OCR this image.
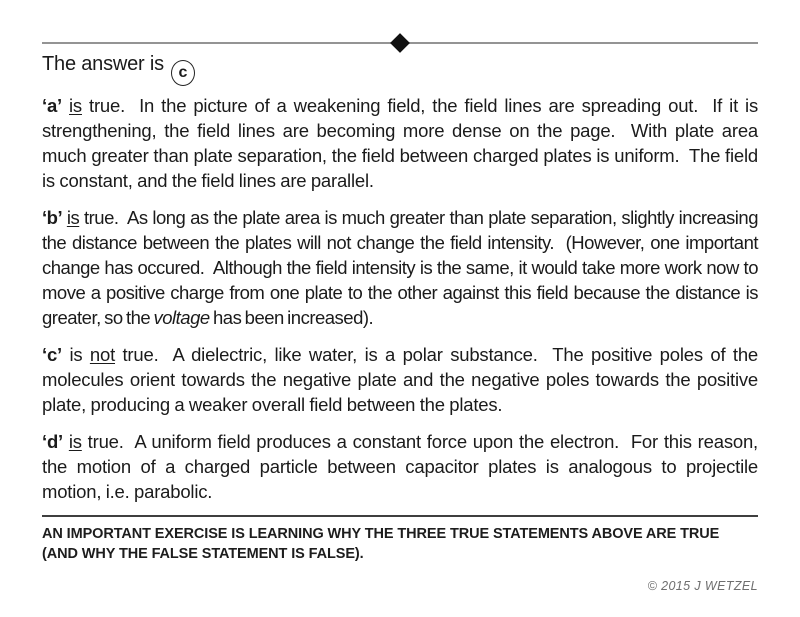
The answer is c

‘a’ is true.  In the picture of a weakening field, the field lines are spreading out.  If it is strengthening, the field lines are becoming more dense on the page.  With plate area much greater than plate separation, the field between charged plates is uniform.  The field is constant, and the field lines are parallel.

‘b’ is true.  As long as the plate area is much greater than plate separation, slightly increasing the distance between the plates will not change the field intensity.  (However, one important change has occured.  Although the field intensity is the same, it would take more work now to move a positive charge from one plate to the other against this field because the distance is greater, so the voltage has been increased).

‘c’ is not true.  A dielectric, like water, is a polar substance.  The positive poles of the molecules orient towards the negative plate and the negative poles towards the positive plate, producing a weaker overall field between the plates.

‘d’ is true.  A uniform field produces a constant force upon the electron.  For this reason, the motion of a charged particle between capacitor plates is analogous to projectile motion, i.e. parabolic.

AN IMPORTANT EXERCISE IS LEARNING WHY THE THREE TRUE STATEMENTS ABOVE ARE TRUE (AND WHY THE FALSE STATEMENT IS FALSE).
© 2015 J WETZEL
